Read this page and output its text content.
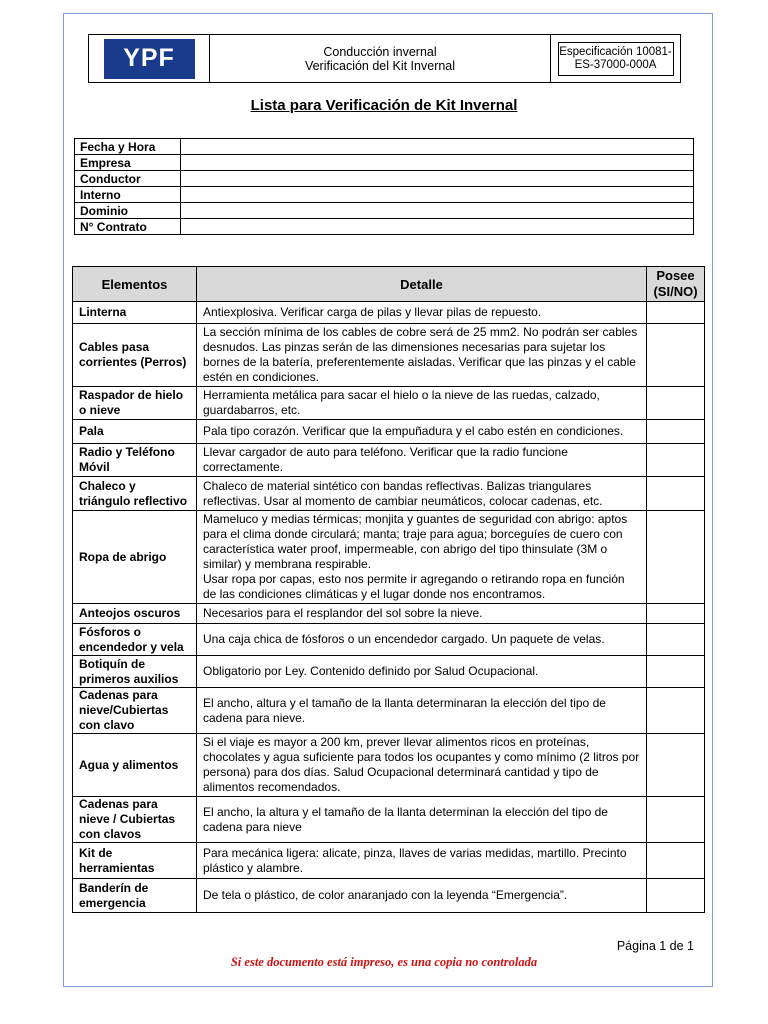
YPF	Conducción invernal
Verificación del Kit Invernal
Especificación 10081-
ES-37000-000A
Lista para Verificación de Kit Invernal
Fecha y Hora	
Empresa	
Conductor	
Interno	
Dominio	
N° Contrato	
Elementos	Detalle	Posee
(SI/NO)
Linterna	Antiexplosiva. Verificar carga de pilas y llevar pilas de repuesto.	

Cables pasa corrientes (Perros)	La sección mínima de los cables de cobre será de 25 mm2. No podrán ser cables desnudos. Las pinzas serán de las dimensiones necesarias para sujetar los bornes de la batería, preferentemente aisladas. Verificar que las pinzas y el cable estén en condiciones.	

Raspador de hielo o nieve	Herramienta metálica para sacar el hielo o la nieve de las ruedas, calzado, guardabarros, etc.	

Pala	Pala tipo corazón. Verificar que la empuñadura y el cabo estén en condiciones.	

Radio y Teléfono Móvil	Llevar cargador de auto para teléfono. Verificar que la radio funcione correctamente.	

Chaleco y triángulo reflectivo	Chaleco de material sintético con bandas reflectivas. Balizas triangulares reflectivas. Usar al momento de cambiar neumáticos, colocar cadenas, etc.	

Ropa de abrigo	Mameluco y medias térmicas; monjita y guantes de seguridad con abrigo: aptos para el clima donde circulará; manta; traje para agua; borceguíes de cuero con característica water proof, impermeable, con abrigo del tipo thinsulate (3M o similar) y membrana respirable.
Usar ropa por capas, esto nos permite ir agregando o retirando ropa en función de las condiciones climáticas y el lugar donde nos encontramos.	

Anteojos oscuros	Necesarios para el resplandor del sol sobre la nieve.	

Fósforos o encendedor y vela	Una caja chica de fósforos o un encendedor cargado. Un paquete de velas.	

Botiquín de primeros auxilios	Obligatorio por Ley. Contenido definido por Salud Ocupacional.	

Cadenas para nieve/Cubiertas con clavo	El ancho, altura y el tamaño de la llanta determinaran la elección del tipo de cadena para nieve.	

Agua y alimentos	Si el viaje es mayor a 200 km, prever llevar alimentos ricos en proteínas, chocolates y agua suficiente para todos los ocupantes y como mínimo (2 litros por persona) para dos días. Salud Ocupacional determinará cantidad y tipo de alimentos recomendados.	

Cadenas para nieve / Cubiertas con clavos	El ancho, la altura y el tamaño de la llanta determinan la elección del tipo de cadena para nieve	

Kit de herramientas	Para mecánica ligera: alicate, pinza, llaves de varias medidas, martillo. Precinto plástico y alambre.	

Banderín de emergencia	De tela o plástico, de color anaranjado con la leyenda “Emergencia”.	

Página 1 de 1
Si este documento está impreso, es una copia no controlada
